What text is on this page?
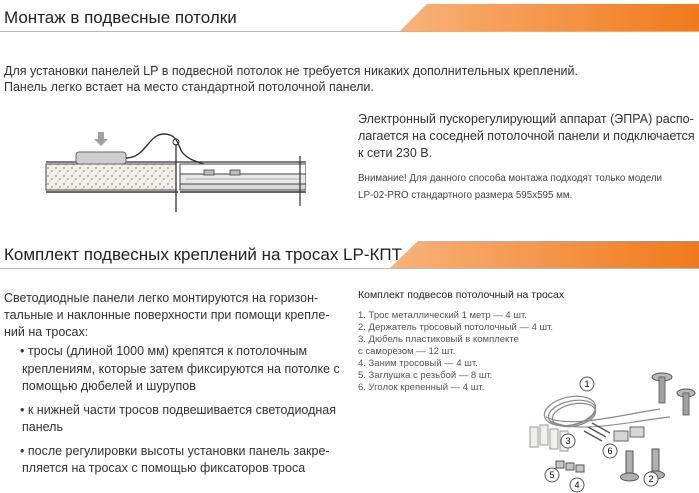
Монтаж в подвесные потолки
Для установки панелей LP в подвесной потолок не требуется никаких дополнительных креплений.
Панель легко встает на место стандартной потолочной панели.
Электронный пускорегулирующий аппарат (ЭПРА) распо-
лагается на соседней потолочной панели и подключается
к сети 230 В.
Внимание! Для данного способа монтажа подходят только модели
LP-02-PRO стандартного размера 595x595 мм.
Комплект подвесных креплений на тросах LP-КПТ
Светодиодные панели легко монтируются на горизон-
тальные и наклонные поверхности при помощи крепле-
ний на тросах:
• тросы (длиной 1000 мм) крепятся к потолочным
креплениям, которые затем фиксируются на потолке с
помощью дюбелей и шурупов
• к нижней части тросов подвешивается светодиодная
панель
• после регулировки высоты установки панель закре-
пляется на тросах с помощью фиксаторов троса
Комплект подвесов потолочный на тросах
1. Трос металлический 1 метр — 4 шт.
2. Держатель тросовый потолочный — 4 шт.
3. Дюбель пластиковый в комплекте
с саморезом — 12 шт.
4. Заним тросовый — 4 шт.
5. Заглушка с резьбой — 8 шт.
6. Уголок крепенный — 4 шт.	1
2
3
4
5
6
